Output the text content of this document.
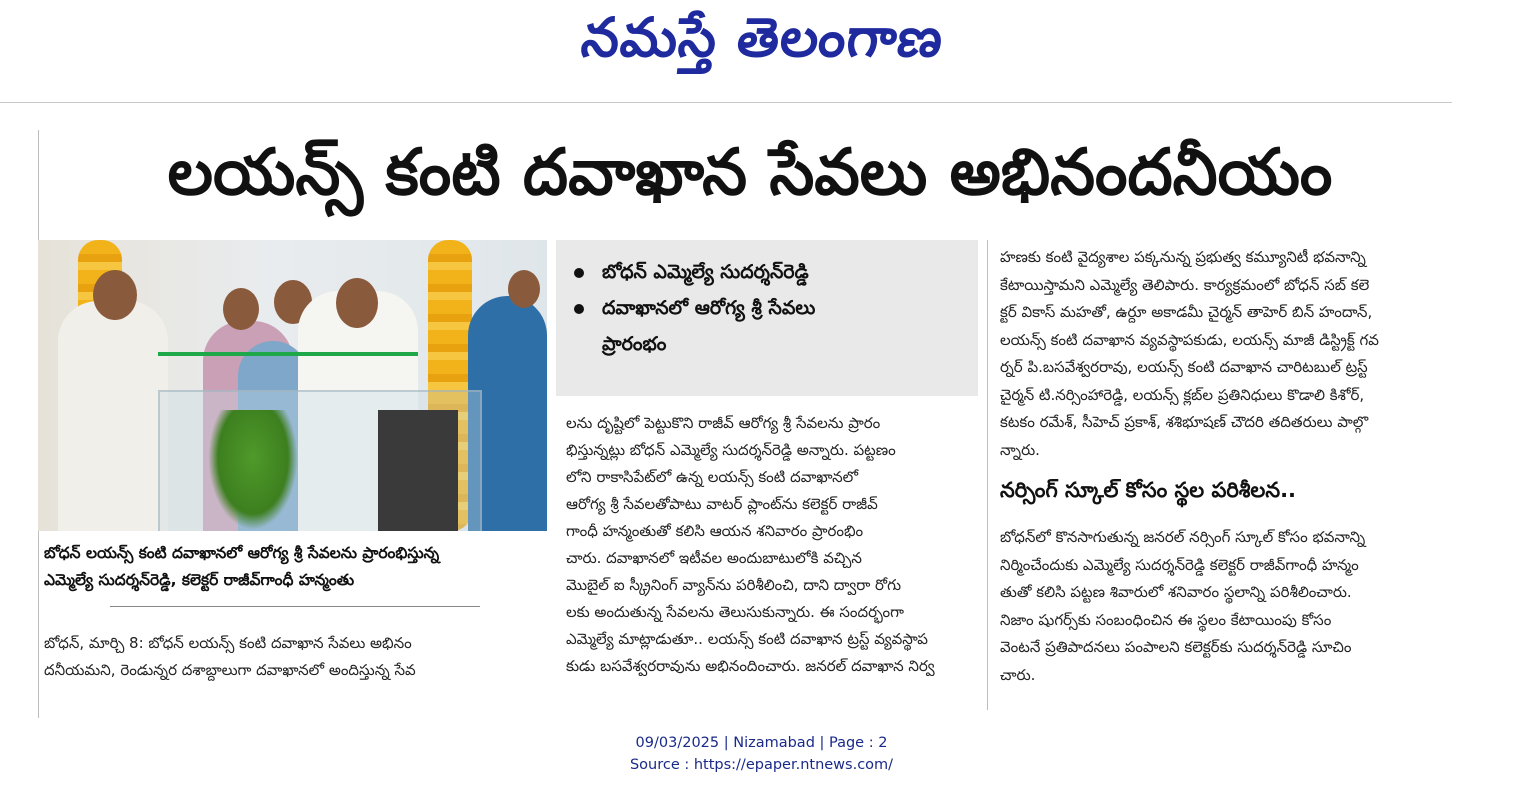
నమస్తే తెలంగాణ
లయన్స్ కంటి దవాఖాన సేవలు అభినందనీయం
బోధన్ లయన్స్ కంటి దవాఖానలో ఆరోగ్య శ్రీ సేవలను ప్రారంభిస్తున్న
ఎమ్మెల్యే సుదర్శన్‌రెడ్డి, కలెక్టర్ రాజీవ్‌గాంధీ హన్మంతు
బోధన్, మార్చి 8: బోధన్ లయన్స్ కంటి దవాఖాన సేవలు అభినం
దనీయమని, రెండున్నర దశాబ్దాలుగా దవాఖానలో అందిస్తున్న సేవ
బోధన్ ఎమ్మెల్యే సుదర్శన్‌రెడ్డి
దవాఖానలో ఆరోగ్య శ్రీ సేవలు
ప్రారంభం
లను దృష్టిలో పెట్టుకొని రాజీవ్ ఆరోగ్య శ్రీ సేవలను ప్రారం
భిస్తున్నట్లు బోధన్ ఎమ్మెల్యే సుదర్శన్‌రెడ్డి అన్నారు. పట్టణం
లోని రాకాసిపేట్‌లో ఉన్న లయన్స్ కంటి దవాఖానలో
ఆరోగ్య శ్రీ సేవలతోపాటు వాటర్ ప్లాంట్‌ను కలెక్టర్ రాజీవ్
గాంధీ హన్మంతుతో కలిసి ఆయన శనివారం ప్రారంభిం
చారు. దవాఖానలో ఇటీవల అందుబాటులోకి వచ్చిన
మొబైల్ ఐ స్క్రీనింగ్ వ్యాన్‌ను పరిశీలించి, దాని ద్వారా రోగు
లకు అందుతున్న సేవలను తెలుసుకున్నారు. ఈ సందర్భంగా
ఎమ్మెల్యే మాట్లాడుతూ.. లయన్స్ కంటి దవాఖాన ట్రస్ట్ వ్యవస్థాప
కుడు బసవేశ్వరరావును అభినందించారు. జనరల్ దవాఖాన నిర్వ
హణకు కంటి వైద్యశాల పక్కనున్న ప్రభుత్వ కమ్యూనిటీ భవనాన్ని
కేటాయిస్తామని ఎమ్మెల్యే తెలిపారు. కార్యక్రమంలో బోధన్ సబ్ కలె
క్టర్ వికాస్ మహతో, ఉర్దూ అకాడమీ చైర్మన్ తాహెర్ బిన్ హందాన్,
లయన్స్ కంటి దవాఖాన వ్యవస్థాపకుడు, లయన్స్ మాజీ డిస్ట్రిక్ట్ గవ
ర్నర్ పి.బసవేశ్వరరావు, లయన్స్ కంటి దవాఖాన చారిటబుల్ ట్రస్ట్
చైర్మన్ టి.నర్సింహారెడ్డి, లయన్స్ క్లబ్‌ల ప్రతినిధులు కొడాలి కిశోర్,
కటకం రమేశ్, సీహెచ్ ప్రకాశ్, శశిభూషణ్ చౌదరి తదితరులు పాల్గొ
న్నారు.
నర్సింగ్ స్కూల్ కోసం స్థల పరిశీలన..
బోధన్‌లో కొనసాగుతున్న జనరల్ నర్సింగ్ స్కూల్ కోసం భవనాన్ని
నిర్మించేందుకు ఎమ్మెల్యే సుదర్శన్‌రెడ్డి కలెక్టర్ రాజీవ్‌గాంధీ హన్మం
తుతో కలిసి పట్టణ శివారులో శనివారం స్థలాన్ని పరిశీలించారు.
నిజాం షుగర్స్‌కు సంబంధించిన ఈ స్థలం కేటాయింపు కోసం
వెంటనే ప్రతిపాదనలు పంపాలని కలెక్టర్‌కు సుదర్శన్‌రెడ్డి సూచిం
చారు.
09/03/2025 | Nizamabad | Page : 2
Source : https://epaper.ntnews.com/
